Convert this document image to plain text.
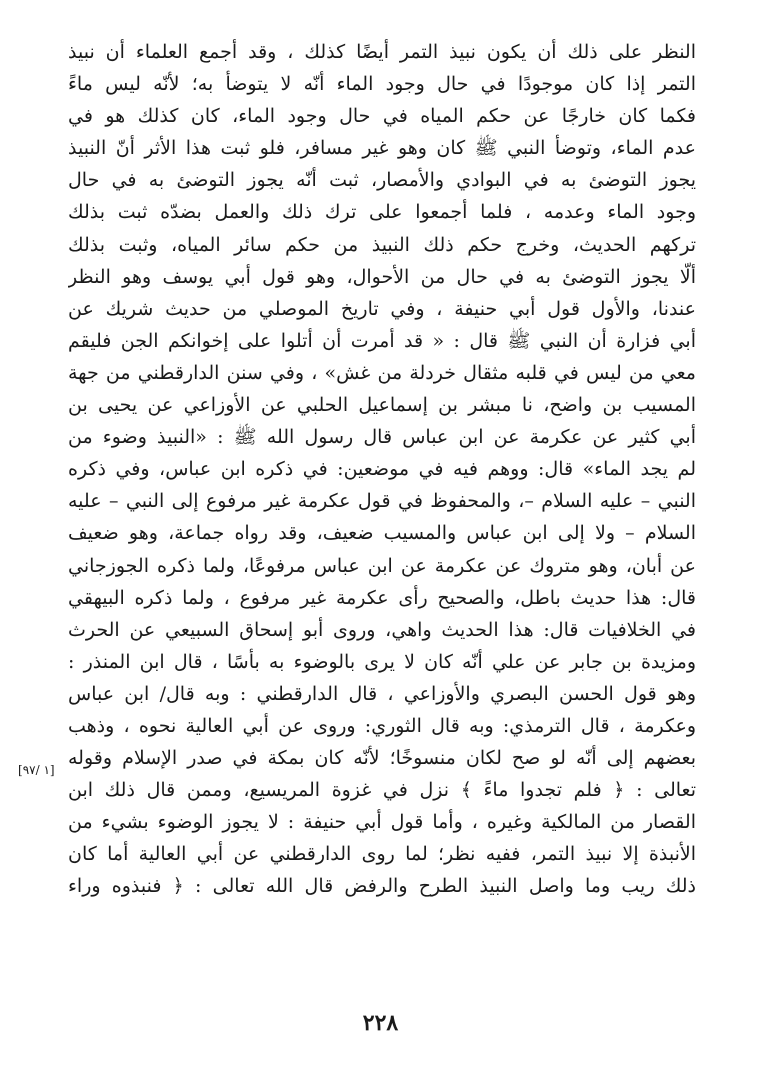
النظر على ذلك أن يكون نبيذ التمر أيضًا كذلك ، وقد أجمع العلماء أن نبيذ
التمر إذا كان موجودًا في حال وجود الماء أنّه لا يتوضأ به؛ لأنّه ليس ماءً
فكما كان خارجًا عن حكم المياه في حال وجود الماء، كان كذلك هو في
عدم الماء، وتوضأ النبي ﷺ كان وهو غير مسافر، فلو ثبت هذا الأثر أنّ النبيذ
يجوز التوضئ به في البوادي والأمصار، ثبت أنّه يجوز التوضئ به في حال
وجود الماء وعدمه ، فلما أجمعوا على ترك ذلك والعمل بضدّه ثبت بذلك
تركهم الحديث، وخرج حكم ذلك النبيذ من حكم سائر المياه، وثبت بذلك
ألّا يجوز التوضئ به في حال من الأحوال، وهو قول أبي يوسف وهو النظر
عندنا، والأول قول أبي حنيفة ، وفي تاريخ الموصلي من حديث شريك عن
أبي فزارة أن النبي ﷺ قال : « قد أمرت أن أتلوا على إخوانكم الجن فليقم
معي من ليس في قلبه مثقال خردلة من غش» ، وفي سنن الدارقطني من جهة
المسيب بن واضح، نا مبشر بن إسماعيل الحلبي عن الأوزاعي عن يحيى بن
أبي كثير عن عكرمة عن ابن عباس قال رسول الله ﷺ : «النبيذ وضوء من
لم يجد الماء» قال: ووهم فيه في موضعين: في ذكره ابن عباس، وفي ذكره
النبي – عليه السلام –، والمحفوظ في قول عكرمة غير مرفوع إلى النبي – عليه
السلام – ولا إلى ابن عباس والمسيب ضعيف، وقد رواه جماعة، وهو ضعيف
عن أبان، وهو متروك عن عكرمة عن ابن عباس مرفوعًا، ولما ذكره الجوزجاني
قال: هذا حديث باطل، والصحيح رأى عكرمة غير مرفوع ، ولما ذكره البيهقي
في الخلافيات قال: هذا الحديث واهي، وروى أبو إسحاق السبيعي عن الحرث
ومزيدة بن جابر عن علي أنّه كان لا يرى بالوضوء به بأسًا ، قال ابن المنذر :
وهو قول الحسن البصري والأوزاعي ، قال الدارقطني : وبه قال/ ابن عباس
وعكرمة ، قال الترمذي: وبه قال الثوري: وروى عن أبي العالية نحوه ، وذهب
بعضهم إلى أنّه لو صح لكان منسوخًا؛ لأنّه كان بمكة في صدر الإسلام وقوله
تعالى : ﴿ فلم تجدوا ماءً ﴾ نزل في غزوة المريسيع، وممن قال ذلك ابن
القصار من المالكية وغيره ، وأما قول أبي حنيفة : لا يجوز الوضوء بشيء من
الأنبذة إلا نبيذ التمر، ففيه نظر؛ لما روى الدارقطني عن أبي العالية أما كان
ذلك ريب وما واصل النبيذ الطرح والرفض قال الله تعالى : ﴿ فنبذوه وراء
[١ /٩٧]
٢٢٨
